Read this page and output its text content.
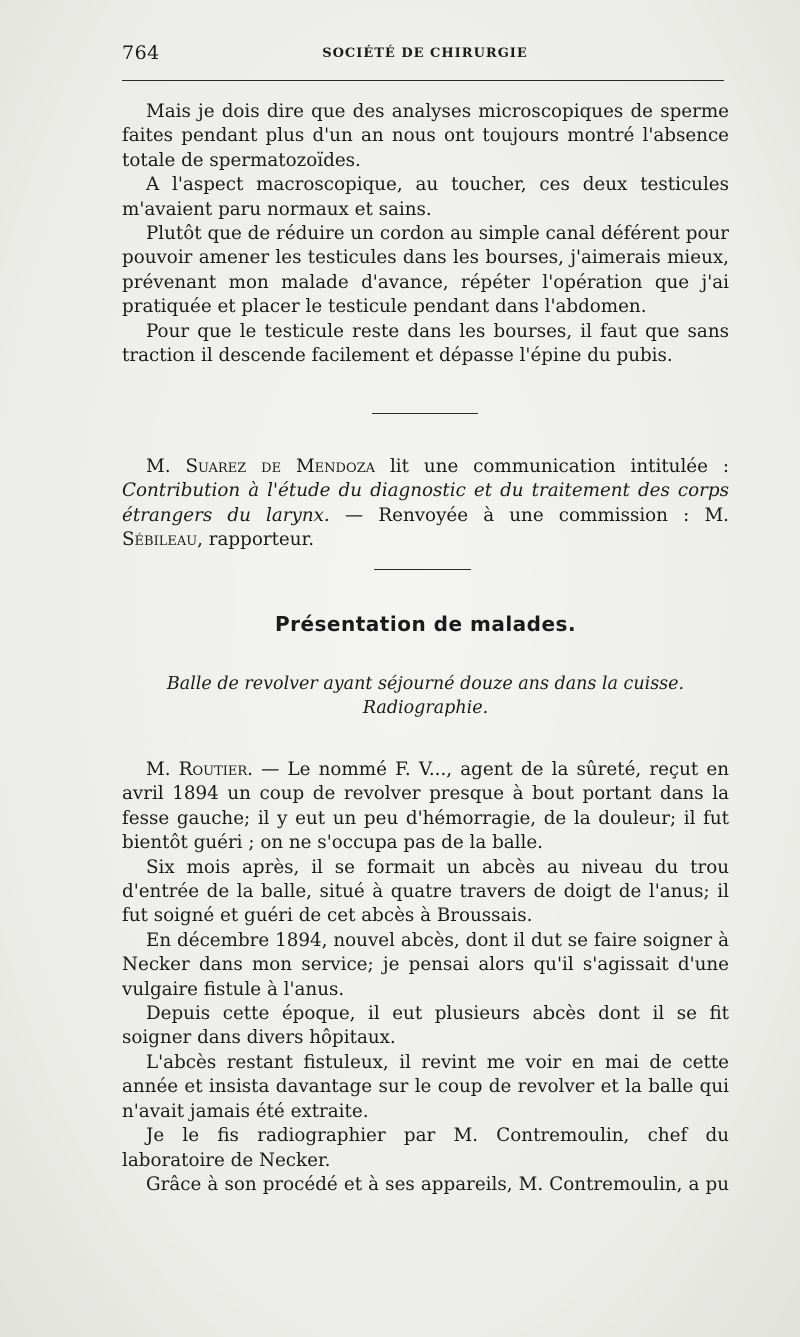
764	SOCIÉTÉ DE CHIRURGIE

Mais je dois dire que des analyses microscopiques de sperme faites pendant plus d'un an nous ont toujours montré l'absence totale de spermatozoïdes.

A l'aspect macroscopique, au toucher, ces deux testicules m'avaient paru normaux et sains.

Plutôt que de réduire un cordon au simple canal déférent pour pouvoir amener les testicules dans les bourses, j'aimerais mieux, prévenant mon malade d'avance, répéter l'opération que j'ai pratiquée et placer le testicule pendant dans l'abdomen.

Pour que le testicule reste dans les bourses, il faut que sans traction il descende facilement et dépasse l'épine du pubis.

M. Suarez de Mendoza lit une communication intitulée : Contribution à l'étude du diagnostic et du traitement des corps étrangers du larynx. — Renvoyée à une commission : M. Sébileau, rapporteur.

Présentation de malades.
Balle de revolver ayant séjourné douze ans dans la cuisse.
Radiographie.

M. Routier. — Le nommé F. V..., agent de la sûreté, reçut en avril 1894 un coup de revolver presque à bout portant dans la fesse gauche; il y eut un peu d'hémorragie, de la douleur; il fut bientôt guéri ; on ne s'occupa pas de la balle.

Six mois après, il se formait un abcès au niveau du trou d'entrée de la balle, situé à quatre travers de doigt de l'anus; il fut soigné et guéri de cet abcès à Broussais.

En décembre 1894, nouvel abcès, dont il dut se faire soigner à Necker dans mon service; je pensai alors qu'il s'agissait d'une vulgaire fistule à l'anus.

Depuis cette époque, il eut plusieurs abcès dont il se fit soigner dans divers hôpitaux.

L'abcès restant fistuleux, il revint me voir en mai de cette année et insista davantage sur le coup de revolver et la balle qui n'avait jamais été extraite.

Je le fis radiographier par M. Contremoulin, chef du laboratoire de Necker.

Grâce à son procédé et à ses appareils, M. Contremoulin, a pu
